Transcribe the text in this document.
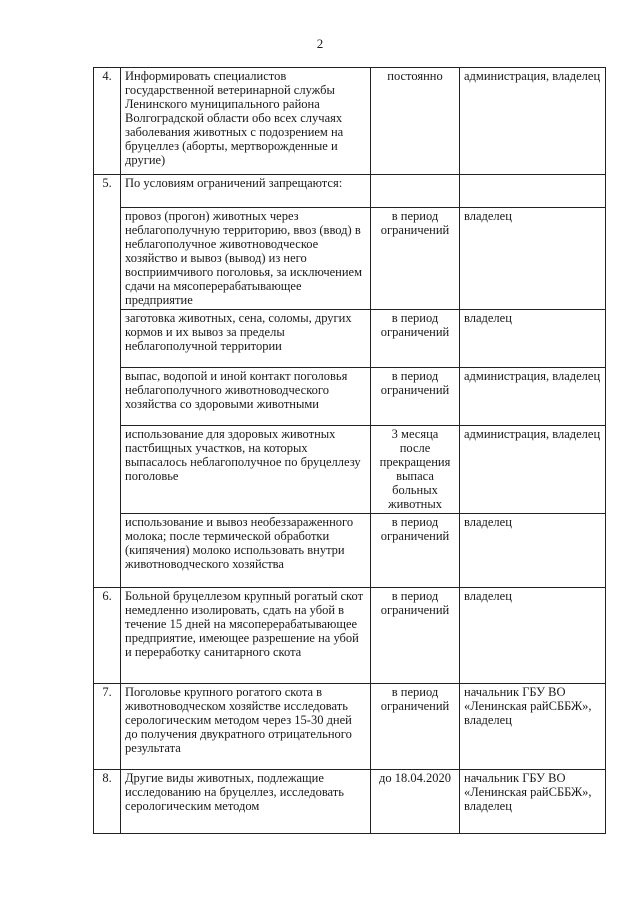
2
4.	Информировать специалистов государственной ветеринарной службы Ленинского муниципального района Волгоградской области обо всех случаях заболевания животных с подозрением на бруцеллез (аборты, мертворожденные и другие)	постоянно	администрация, владелец
5.	По условиям ограничений запрещаются:		
	провоз (прогон) животных через неблагополучную территорию, ввоз (ввод) в неблагополучное животноводческое хозяйство и вывоз (вывод) из него восприимчивого поголовья, за исключением сдачи на мясоперерабатывающее предприятие	в период ограничений	владелец
	заготовка животных, сена, соломы, других кормов и их вывоз за пределы неблагополучной территории	в период ограничений	владелец
	выпас, водопой и иной контакт поголовья неблагополучного животноводческого хозяйства со здоровыми животными	в период ограничений	администрация, владелец
	использование для здоровых животных пастбищных участков, на которых выпасалось неблагополучное по бруцеллезу поголовье	3 месяца после прекращения выпаса больных животных	администрация, владелец
	использование и вывоз необеззараженного молока; после термической обработки (кипячения) молоко использовать внутри животноводческого хозяйства	в период ограничений	владелец
6.	Больной бруцеллезом крупный рогатый скот немедленно изолировать, сдать на убой в течение 15 дней на мясоперерабатывающее предприятие, имеющее разрешение на убой и переработку санитарного скота	в период ограничений	владелец
7.	Поголовье крупного рогатого скота в животноводческом хозяйстве исследовать серологическим методом через 15-30 дней до получения двукратного отрицательного результата	в период ограничений	начальник ГБУ ВО «Ленинская райСББЖ», владелец
8.	Другие виды животных, подлежащие исследованию на бруцеллез, исследовать серологическим методом	до 18.04.2020	начальник ГБУ ВО «Ленинская райСББЖ», владелец
